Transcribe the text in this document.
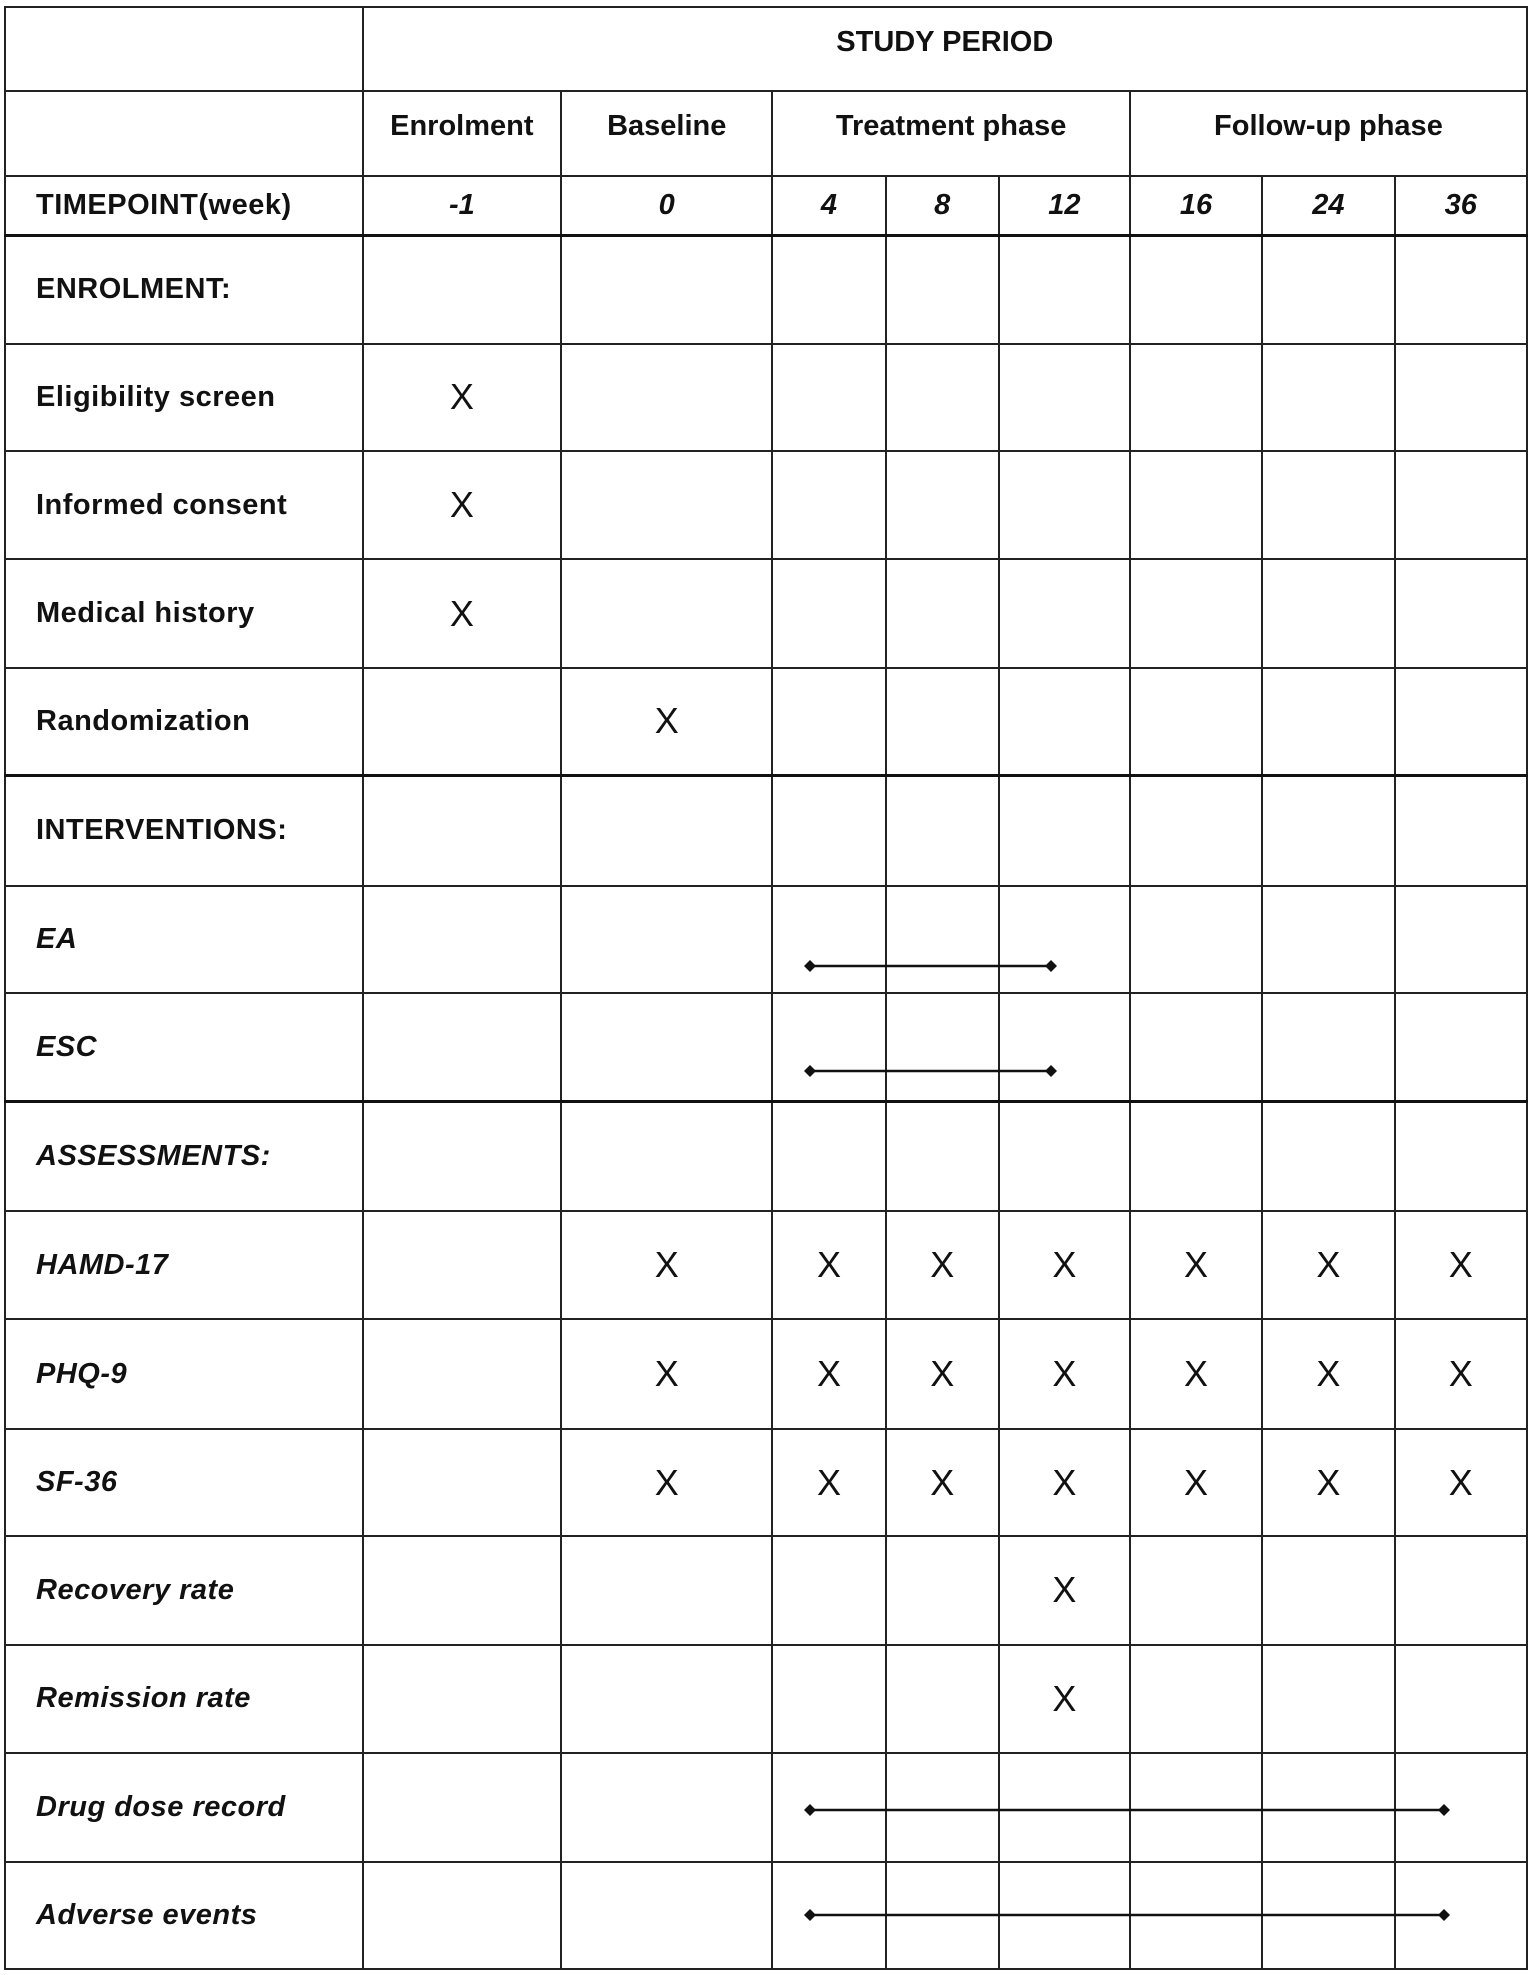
	STUDY PERIOD							
	Enrolment	Baseline	Treatment phase			Follow-up phase		

TIMEPOINT(week)	-1	0	4	8	12	16	24	36

ENROLMENT:								

Eligibility screen	X							

Informed consent	X							

Medical history	X							

Randomization		X						

INTERVENTIONS:								

EA								

ESC								

ASSESSMENTS:								

HAMD-17		X	X	X	X	X	X	X

PHQ-9		X	X	X	X	X	X	X

SF-36		X	X	X	X	X	X	X

Recovery rate					X			

Remission rate					X			

Drug dose record								

Adverse events								
